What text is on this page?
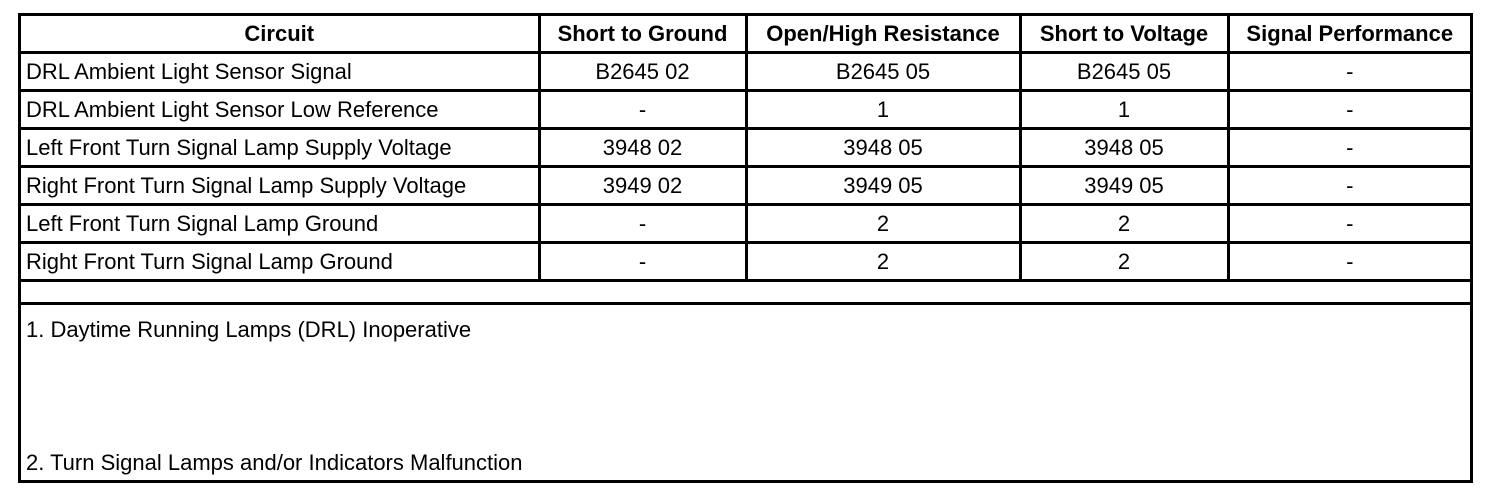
Circuit	Short to Ground	Open/High Resistance	Short to Voltage	Signal Performance
DRL Ambient Light Sensor Signal	B2645 02	B2645 05	B2645 05	-
DRL Ambient Light Sensor Low Reference	-	1	1	-
Left Front Turn Signal Lamp Supply Voltage	3948 02	3948 05	3948 05	-
Right Front Turn Signal Lamp Supply Voltage	3949 02	3949 05	3949 05	-
Left Front Turn Signal Lamp Ground	-	2	2	-
Right Front Turn Signal Lamp Ground	-	2	2	-
1. Daytime Running Lamps (DRL) Inoperative
2. Turn Signal Lamps and/or Indicators Malfunction
